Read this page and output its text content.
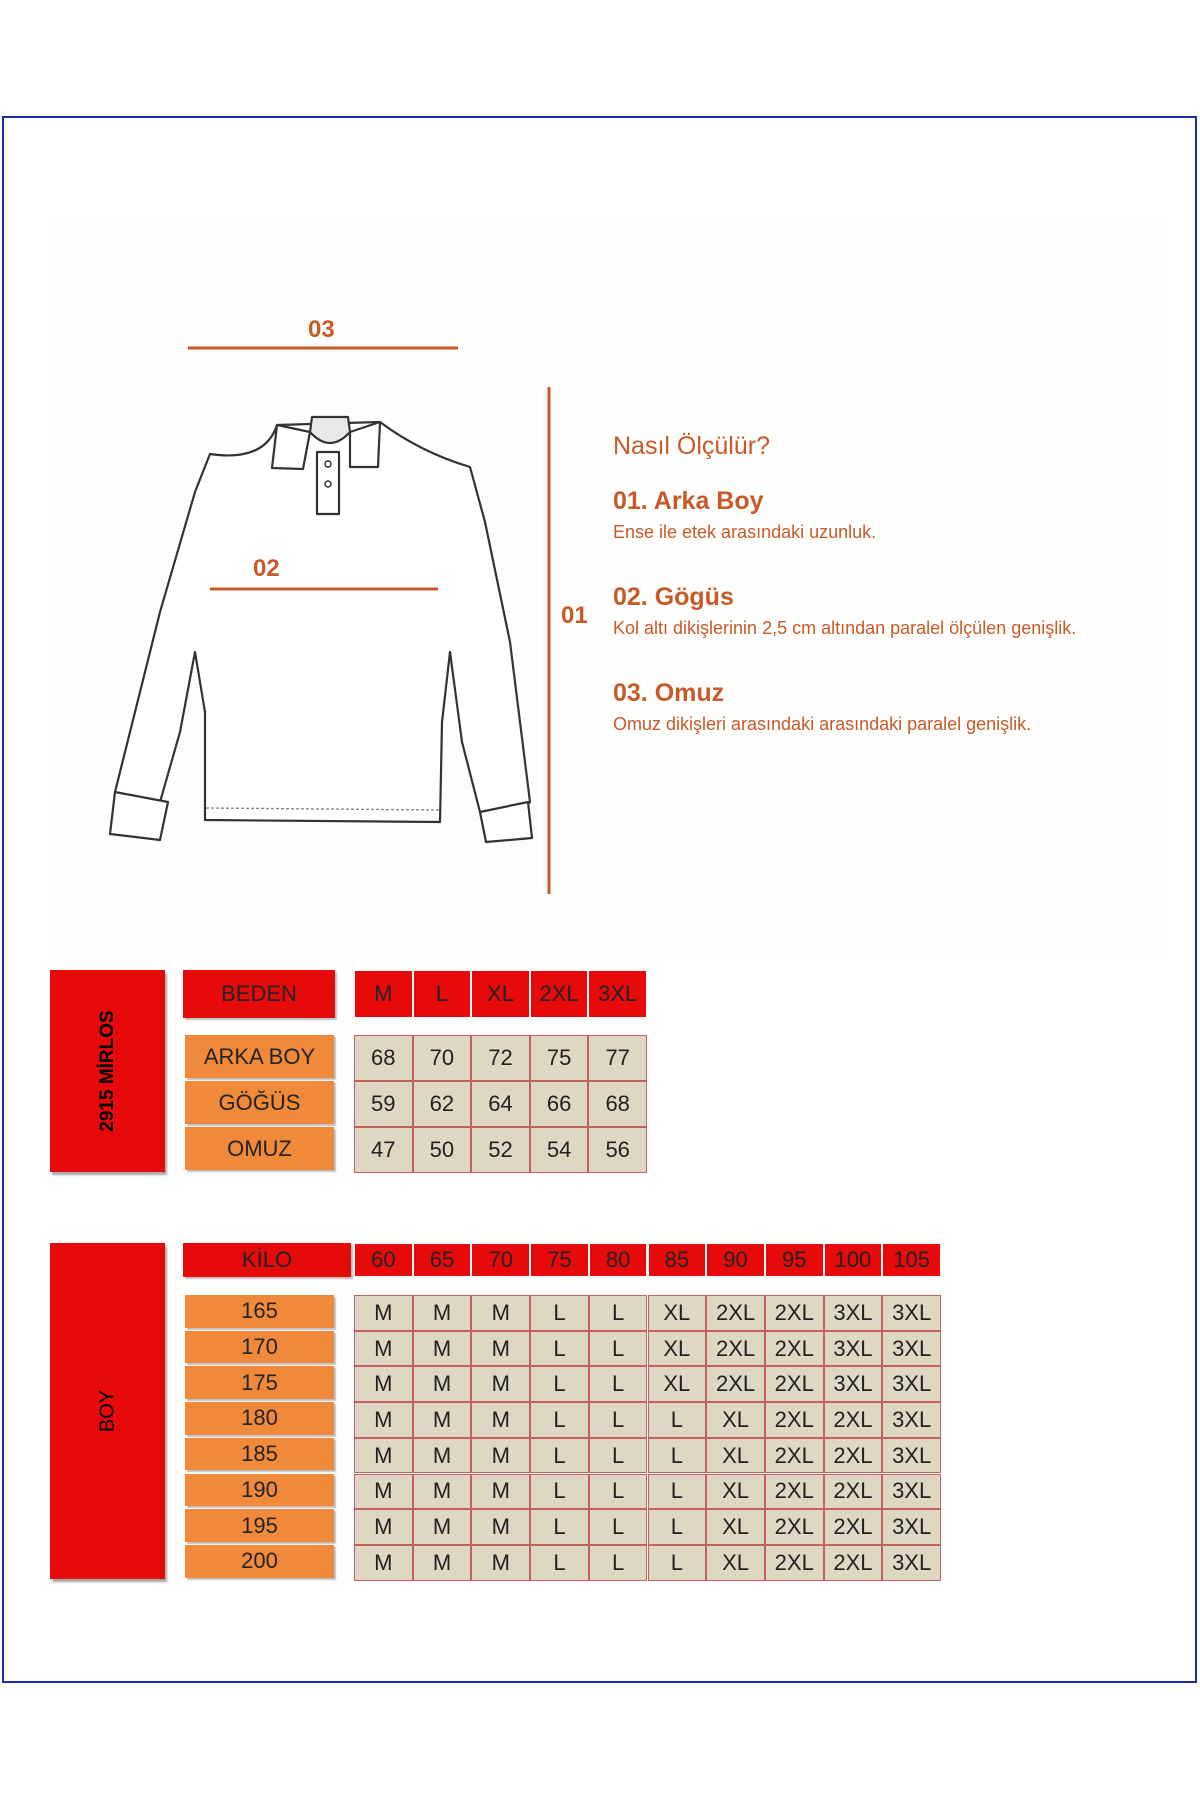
03
02
01
Nasıl Ölçülür?
01. Arka Boy
Ense ile etek arasındaki uzunluk.
02. Gögüs
Kol altı dikişlerinin 2,5 cm altından paralel ölçülen genişlik.
03. Omuz
Omuz dikişleri arasındaki arasındaki paralel genişlik.
2915 MİRLOS
BEDEN	M	L	XL	2XL 3XL
ARKA BOY	68	70	72	75	77
GÖĞÜS	59	62	64	66	68
OMUZ	47	50	52	54	56
BOY
KİLO	60	65	70	75	80	85	90	95	100 105
165	M	M	M	L	L	XL	2XL 2XL 3XL 3XL
170	M	M	M	L	L	XL	2XL 2XL 3XL 3XL
175	M	M	M	L	L	XL	2XL 2XL 3XL 3XL
180	M	M	M	L	L	L	XL	2XL 2XL 3XL
185	M	M	M	L	L	L	XL	2XL 2XL 3XL
190	M	M	M	L	L	L	XL	2XL 2XL 3XL
195	M	M	M	L	L	L	XL	2XL 2XL 3XL
200	M	M	M	L	L	L	XL	2XL 2XL 3XL
